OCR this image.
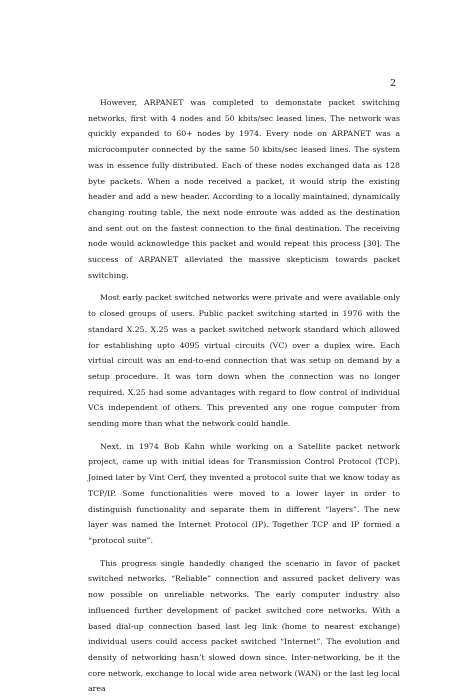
2

However, ARPANET was completed to demonstate packet switching networks, first with 4 nodes and 50 kbits/sec leased lines. The network was quickly expanded to 60+ nodes by 1974. Every node on ARPANET was a microcomputer connected by the same 50 kbits/sec leased lines. The system was in essence fully distributed. Each of these nodes exchanged data as 128 byte packets. When a node received a packet, it would strip the existing header and add a new header. According to a locally maintained, dynamically changing routing table, the next node enroute was added as the destination and sent out on the fastest connection to the final destination. The receiving node would acknowledge this packet and would repeat this process [30]. The success of ARPANET alleviated the massive skepticism towards packet switching.

Most early packet switched networks were private and were available only to closed groups of users. Public packet switching started in 1976 with the standard X.25. X.25 was a packet switched network standard which allowed for establishing upto 4095 virtual circuits (VC) over a duplex wire. Each virtual circuit was an end-to-end connection that was setup on demand by a setup procedure. It was torn down when the connection was no longer required. X.25 had some advantages with regard to flow control of individual VCs independent of others. This prevented any one rogue computer from sending more than what the network could handle.

Next, in 1974 Bob Kahn while working on a Satellite packet network project, came up with initial ideas for Transmission Control Protocol (TCP). Joined later by Vint Cerf, they invented a protocol suite that we know today as TCP/IP. Some functionalities were moved to a lower layer in order to distinguish functionality and separate them in different “layers”. The new layer was named the Internet Protocol (IP). Together TCP and IP formed a “protocol suite”.

This progress single handedly changed the scenario in favor of packet switched networks. “Reliable” connection and assured packet delivery was now possible on unreliable networks. The early computer industry also influenced further development of packet switched core networks. With a based dial-up connection based last leg link (home to nearest exchange) individual users could access packet switched “Internet”. The evolution and density of networking hasn’t slowed down since. Inter-networking, be it the core network, exchange to local wide area network (WAN) or the last leg local area
